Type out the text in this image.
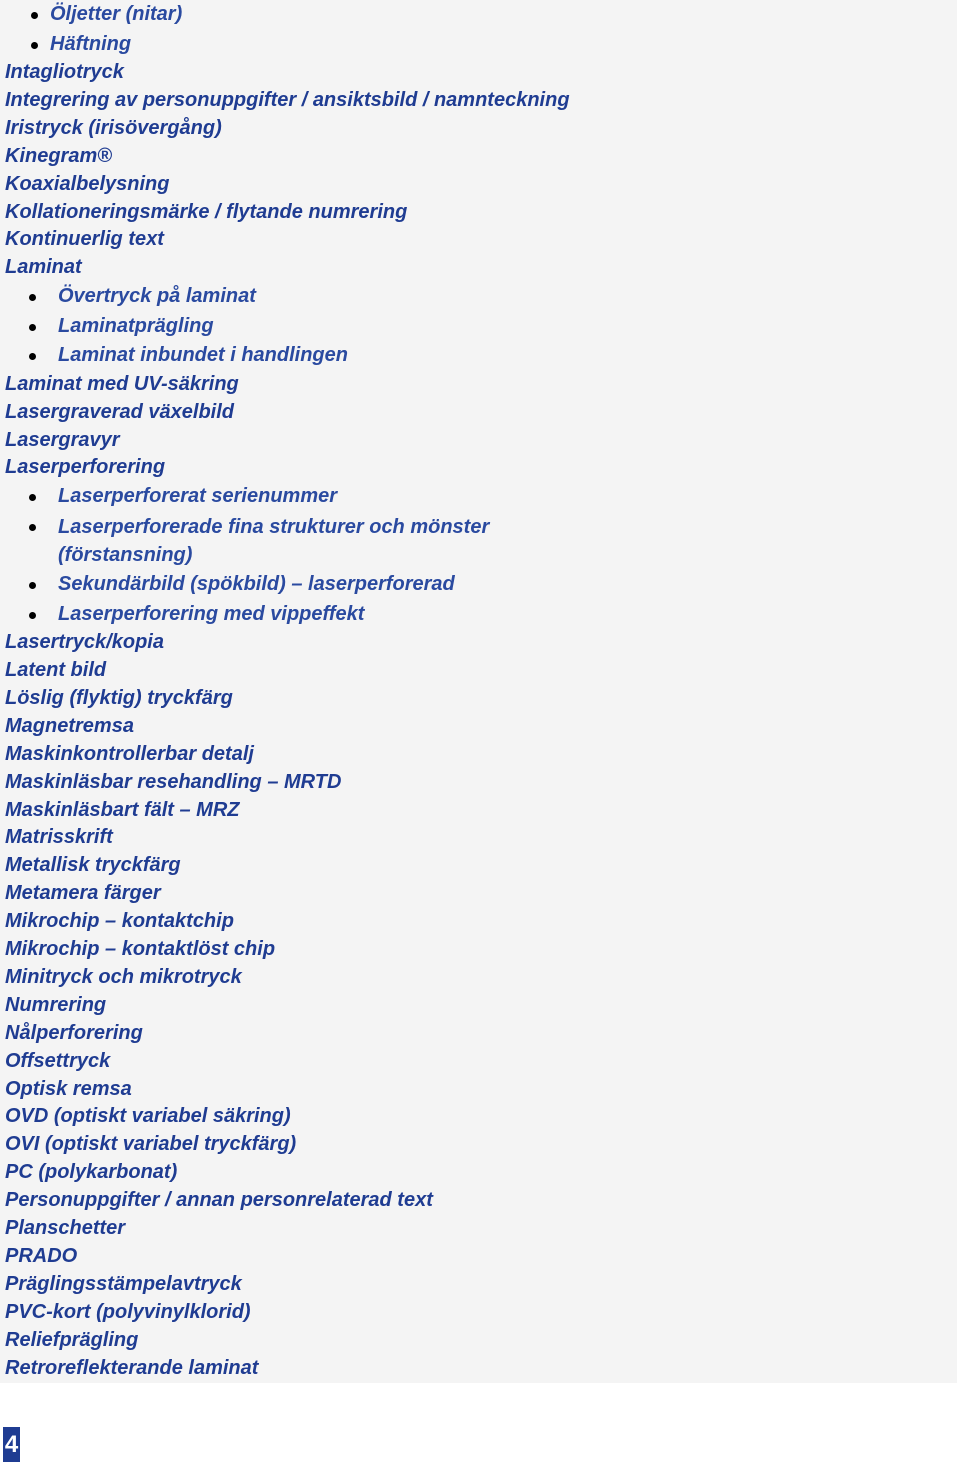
Öljetter (nitar)
Häftning
Intagliotryck
Integrering av personuppgifter / ansiktsbild / namnteckning
Iristryck (irisövergång)
Kinegram®
Koaxialbelysning
Kollationeringsmärke / flytande numrering
Kontinuerlig text
Laminat
Övertryck på laminat
Laminatprägling
Laminat inbundet i handlingen
Laminat med UV-säkring
Lasergraverad växelbild
Lasergravyr
Laserperforering
Laserperforerat serienummer
Laserperforerade fina strukturer och mönster (förstansning)
Sekundärbild (spökbild) – laserperforerad
Laserperforering med vippeffekt
Lasertryck/kopia
Latent bild
Löslig (flyktig) tryckfärg
Magnetremsa
Maskinkontrollerbar detalj
Maskinläsbar resehandling – MRTD
Maskinläsbart fält – MRZ
Matrisskrift
Metallisk tryckfärg
Metamera färger
Mikrochip – kontaktchip
Mikrochip – kontaktlöst chip
Minitryck och mikrotryck
Numrering
Nålperforering
Offsettryck
Optisk remsa
OVD (optiskt variabel säkring)
OVI (optiskt variabel tryckfärg)
PC (polykarbonat)
Personuppgifter / annan personrelaterad text
Planschetter
PRADO
Präglingsstämpelavtryck
PVC-kort (polyvinylklorid)
Reliefprägling
Retroreflekterande laminat
4
